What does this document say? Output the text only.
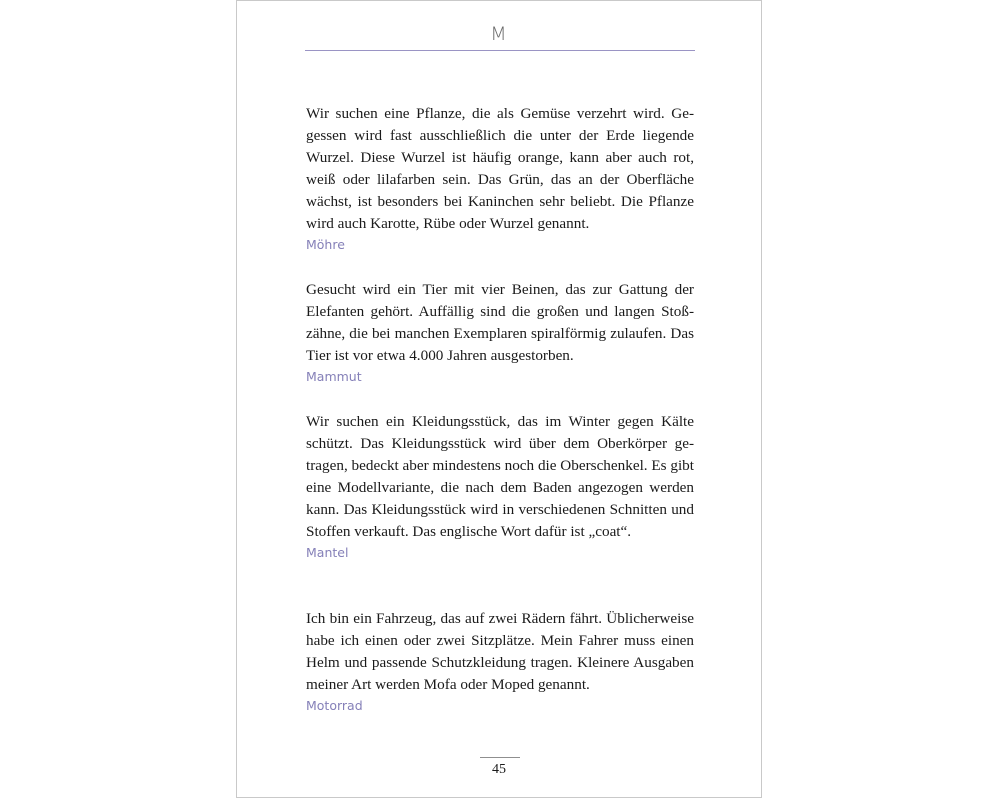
M

Wir suchen eine Pflanze, die als Gemüse verzehrt wird. Gegessen wird fast ausschließlich die unter der Erde liegende Wurzel. Diese Wurzel ist häufig orange, kann aber auch rot, weiß oder lilafarben sein. Das Grün, das an der Oberfläche wächst, ist besonders bei Kaninchen sehr beliebt. Die Pflanze wird auch Karotte, Rübe oder Wurzel genannt.

Möhre

Gesucht wird ein Tier mit vier Beinen, das zur Gattung der Elefanten gehört. Auffällig sind die großen und langen Stoßzähne, die bei manchen Exemplaren spiralförmig zulaufen. Das Tier ist vor etwa 4.000 Jahren ausgestorben.

Mammut

Wir suchen ein Kleidungsstück, das im Winter gegen Kälte schützt. Das Kleidungsstück wird über dem Oberkörper getragen, bedeckt aber mindestens noch die Oberschenkel. Es gibt eine Modellvariante, die nach dem Baden angezogen werden kann. Das Kleidungsstück wird in verschiedenen Schnitten und Stoffen verkauft. Das englische Wort dafür ist „coat“.

Mantel

Ich bin ein Fahrzeug, das auf zwei Rädern fährt. Üblicherweise habe ich einen oder zwei Sitzplätze. Mein Fahrer muss einen Helm und passende Schutzkleidung tragen. Kleinere Ausgaben meiner Art werden Mofa oder Moped genannt.

Motorrad
45
